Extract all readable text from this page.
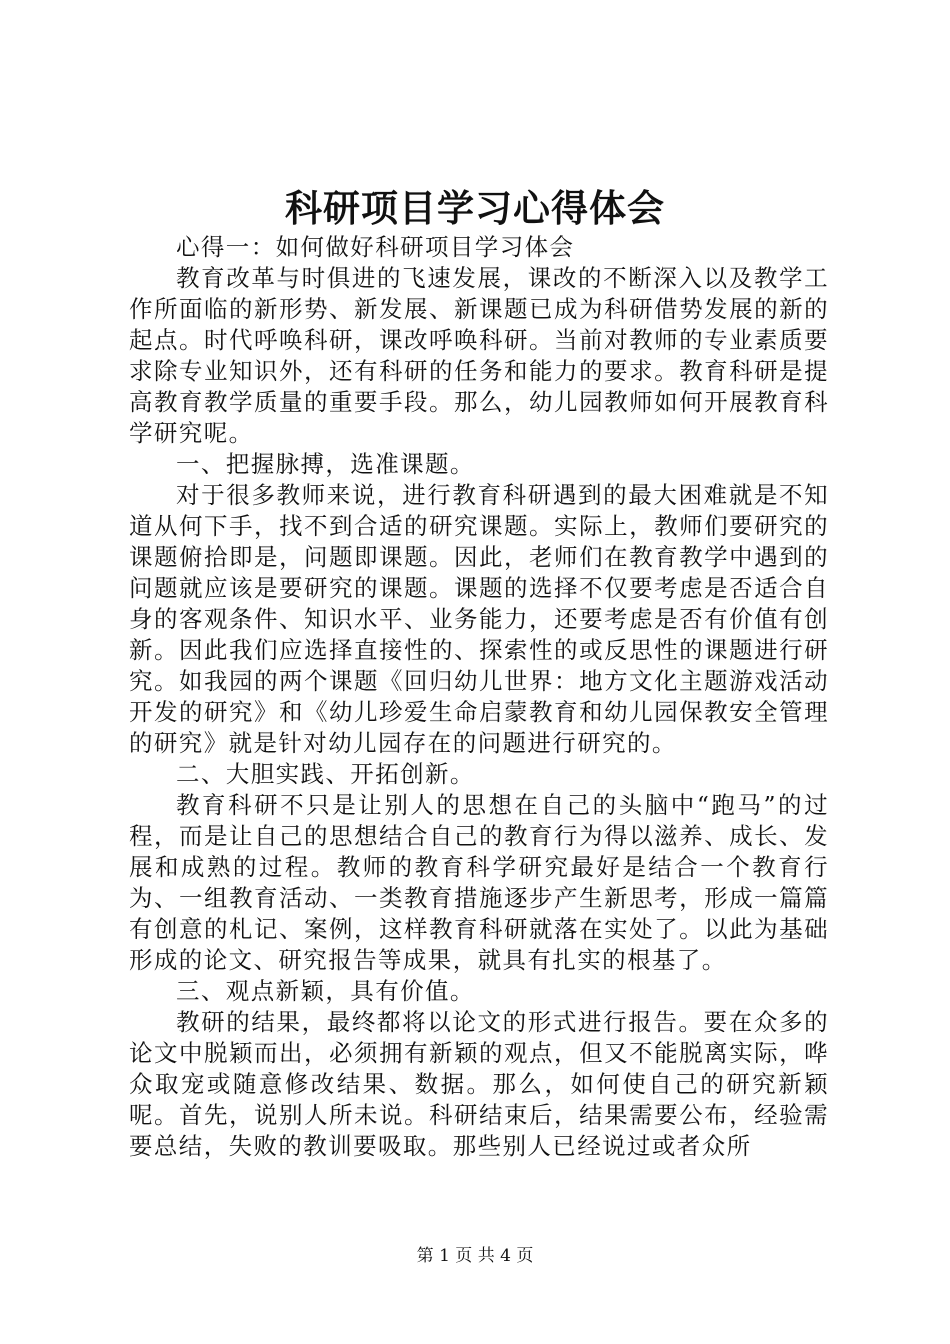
科研项目学习心得体会

心得一：如何做好科研项目学习体会

教育改革与时俱进的飞速发展，课改的不断深入以及教学工作所面临的新形势、新发展、新课题已成为科研借势发展的新的起点。时代呼唤科研，课改呼唤科研。当前对教师的专业素质要求除专业知识外，还有科研的任务和能力的要求。教育科研是提高教育教学质量的重要手段。那么，幼儿园教师如何开展教育科学研究呢。

一、把握脉搏，选准课题。

对于很多教师来说，进行教育科研遇到的最大困难就是不知道从何下手，找不到合适的研究课题。实际上，教师们要研究的课题俯拾即是，问题即课题。因此，老师们在教育教学中遇到的问题就应该是要研究的课题。课题的选择不仅要考虑是否适合自身的客观条件、知识水平、业务能力，还要考虑是否有价值有创新。因此我们应选择直接性的、探索性的或反思性的课题进行研究。如我园的两个课题《回归幼儿世界：地方文化主题游戏活动开发的研究》和《幼儿珍爱生命启蒙教育和幼儿园保教安全管理的研究》就是针对幼儿园存在的问题进行研究的。

二、大胆实践、开拓创新。

教育科研不只是让别人的思想在自己的头脑中“跑马”的过程，而是让自己的思想结合自己的教育行为得以滋养、成长、发展和成熟的过程。教师的教育科学研究最好是结合一个教育行为、一组教育活动、一类教育措施逐步产生新思考，形成一篇篇有创意的札记、案例，这样教育科研就落在实处了。以此为基础形成的论文、研究报告等成果，就具有扎实的根基了。

三、观点新颖，具有价值。

教研的结果，最终都将以论文的形式进行报告。要在众多的论文中脱颖而出，必须拥有新颖的观点，但又不能脱离实际，哗众取宠或随意修改结果、数据。那么，如何使自己的研究新颖呢。首先，说别人所未说。科研结束后，结果需要公布，经验需要总结，失败的教训要吸取。那些别人已经说过或者众所

第 1 页 共 4 页
